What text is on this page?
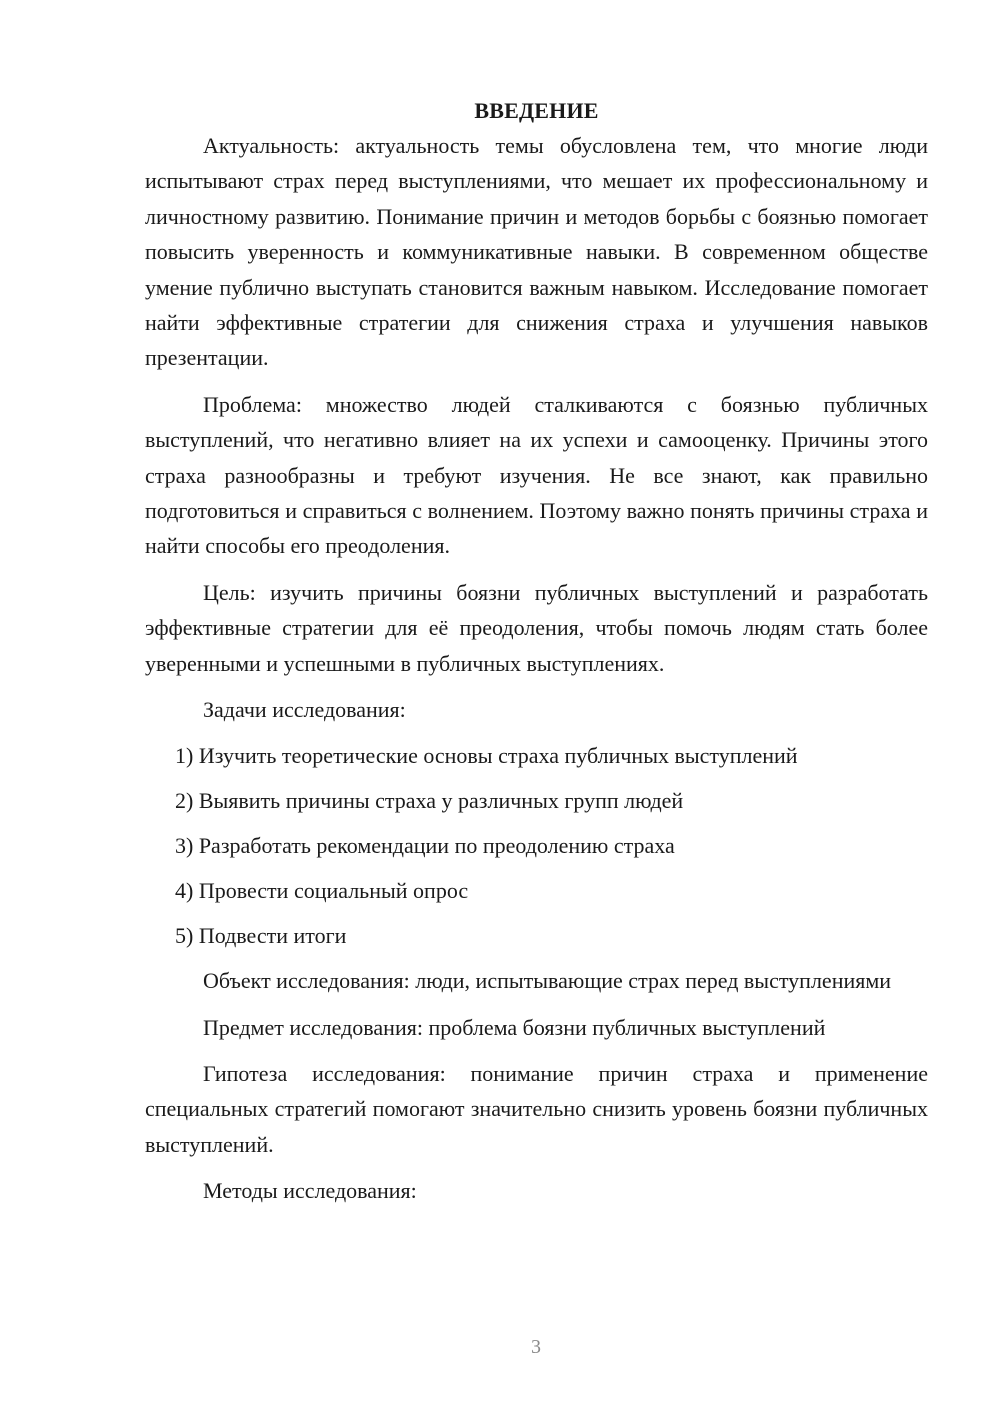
ВВЕДЕНИЕ

Актуальность: актуальность темы обусловлена тем, что многие люди испытывают страх перед выступлениями, что мешает их профессиональному и личностному развитию. Понимание причин и методов борьбы с боязнью помогает повысить уверенность и коммуникативные навыки. В современном обществе умение публично выступать становится важным навыком. Исследование помогает найти эффективные стратегии для снижения страха и улучшения навыков презентации.

Проблема: множество людей сталкиваются с боязнью публичных выступлений, что негативно влияет на их успехи и самооценку. Причины этого страха разнообразны и требуют изучения. Не все знают, как правильно подготовиться и справиться с волнением. Поэтому важно понять причины страха и найти способы его преодоления.

Цель: изучить причины боязни публичных выступлений и разработать эффективные стратегии для её преодоления, чтобы помочь людям стать более уверенными и успешными в публичных выступлениях.

Задачи исследования:
1) Изучить теоретические основы страха публичных выступлений
2) Выявить причины страха у различных групп людей
3) Разработать рекомендации по преодолению страха
4) Провести социальный опрос
5) Подвести итоги

Объект исследования: люди, испытывающие страх перед выступлениями

Предмет исследования: проблема боязни публичных выступлений

Гипотеза исследования: понимание причин страха и применение специальных стратегий помогают значительно снизить уровень боязни публичных выступлений.

Методы исследования:
3
